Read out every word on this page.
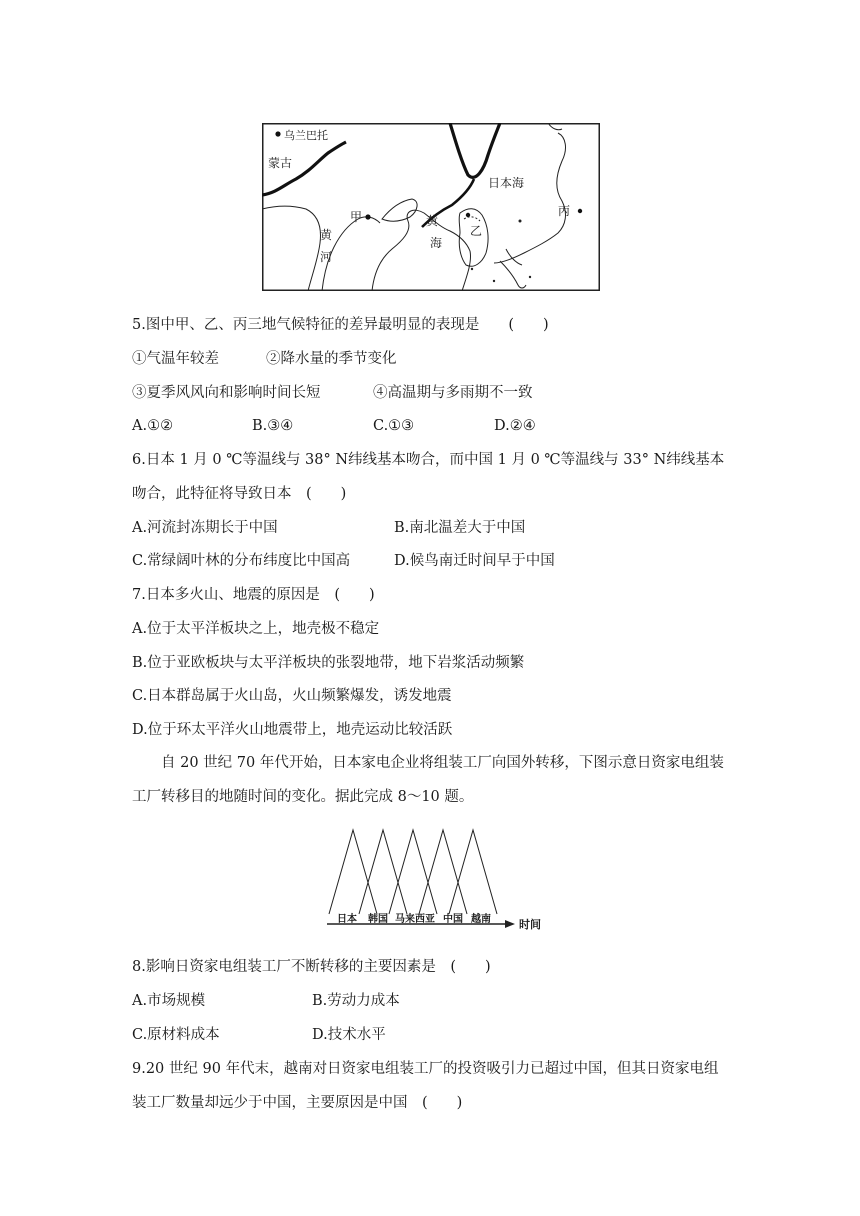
乌兰巴托
蒙古
日本海
甲	黄
海
乙
丙
黄
河
5.图中甲、乙、丙三地气候特征的差异最明显的表现是　　(　　)
①气温年较差	②降水量的季节变化
③夏季风风向和影响时间长短	④高温期与多雨期不一致
A.①②	B.③④	C.①③	D.②④
6.日本 1 月 0 ℃等温线与 38° N纬线基本吻合，而中国 1 月 0 ℃等温线与 33° N纬线基本
吻合，此特征将导致日本　(　　)
A.河流封冻期长于中国	B.南北温差大于中国
C.常绿阔叶林的分布纬度比中国高	D.候鸟南迁时间早于中国
7.日本多火山、地震的原因是　(　　)
A.位于太平洋板块之上，地壳极不稳定
B.位于亚欧板块与太平洋板块的张裂地带，地下岩浆活动频繁
C.日本群岛属于火山岛，火山频繁爆发，诱发地震
D.位于环太平洋火山地震带上，地壳运动比较活跃
　　自 20 世纪 70 年代开始，日本家电企业将组装工厂向国外转移，下图示意日资家电组装
工厂转移目的地随时间的变化。据此完成 8～10 题。
日本 韩国 马来西亚 中国 越南	时间
8.影响日资家电组装工厂不断转移的主要因素是　(　　)
A.市场规模	B.劳动力成本
C.原材料成本	D.技术水平
9.20 世纪 90 年代末，越南对日资家电组装工厂的投资吸引力已超过中国，但其日资家电组
装工厂数量却远少于中国，主要原因是中国　(　　)
